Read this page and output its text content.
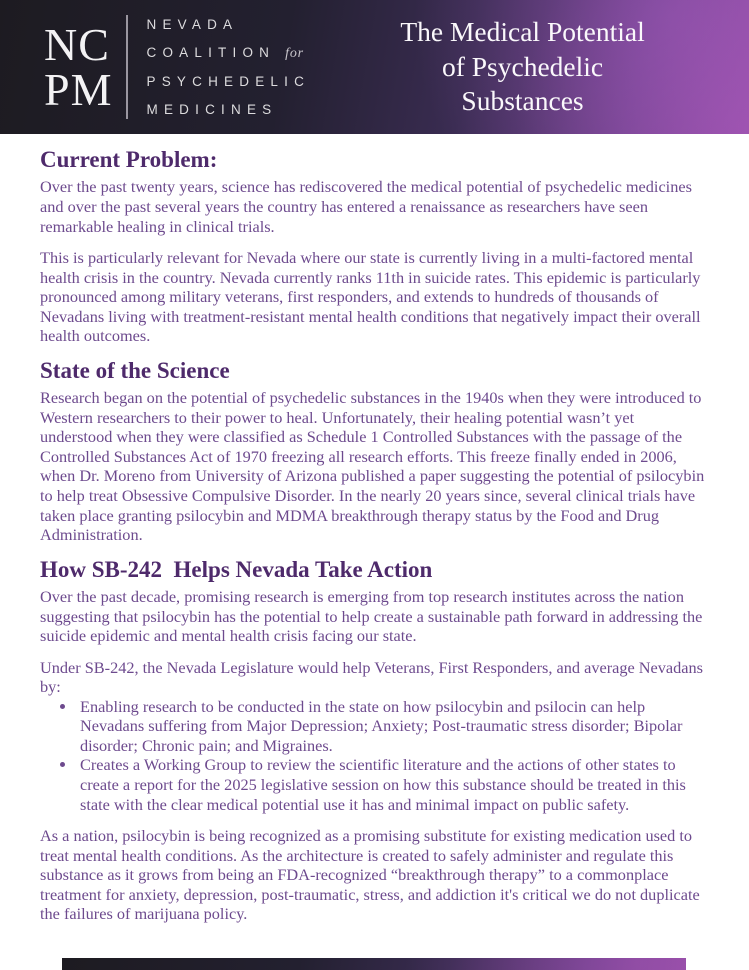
NC
PM
NEVADA
COALITION for
PSYCHEDELIC
MEDICINES
The Medical Potential
of Psychedelic
Substances
Current Problem:

Over the past twenty years, science has rediscovered the medical potential of psychedelic medicines and over the past several years the country has entered a renaissance as researchers have seen remarkable healing in clinical trials.

This is particularly relevant for Nevada where our state is currently living in a multi-factored mental health crisis in the country. Nevada currently ranks 11th in suicide rates. This epidemic is particularly pronounced among military veterans, first responders, and extends to hundreds of thousands of Nevadans living with treatment-resistant mental health conditions that negatively impact their overall health outcomes.

State of the Science

Research began on the potential of psychedelic substances in the 1940s when they were introduced to Western researchers to their power to heal. Unfortunately, their healing potential wasn’t yet understood when they were classified as Schedule 1 Controlled Substances with the passage of the Controlled Substances Act of 1970 freezing all research efforts. This freeze finally ended in 2006, when Dr. Moreno from University of Arizona published a paper suggesting the potential of psilocybin to help treat Obsessive Compulsive Disorder. In the nearly 20 years since, several clinical trials have taken place granting psilocybin and MDMA breakthrough therapy status by the Food and Drug Administration.

How SB-242  Helps Nevada Take Action

Over the past decade, promising research is emerging from top research institutes across the nation suggesting that psilocybin has the potential to help create a sustainable path forward in addressing the suicide epidemic and mental health crisis facing our state.

Under SB-242, the Nevada Legislature would help Veterans, First Responders, and average Nevadans by:

• Enabling research to be conducted in the state on how psilocybin and psilocin can help Nevadans suffering from Major Depression; Anxiety; Post-traumatic stress disorder; Bipolar disorder; Chronic pain; and Migraines.
• Creates a Working Group to review the scientific literature and the actions of other states to create a report for the 2025 legislative session on how this substance should be treated in this state with the clear medical potential use it has and minimal impact on public safety.

As a nation, psilocybin is being recognized as a promising substitute for existing medication used to treat mental health conditions. As the architecture is created to safely administer and regulate this substance as it grows from being an FDA-recognized “breakthrough therapy” to a commonplace treatment for anxiety, depression, post-traumatic, stress, and addiction it's critical we do not duplicate the failures of marijuana policy.
